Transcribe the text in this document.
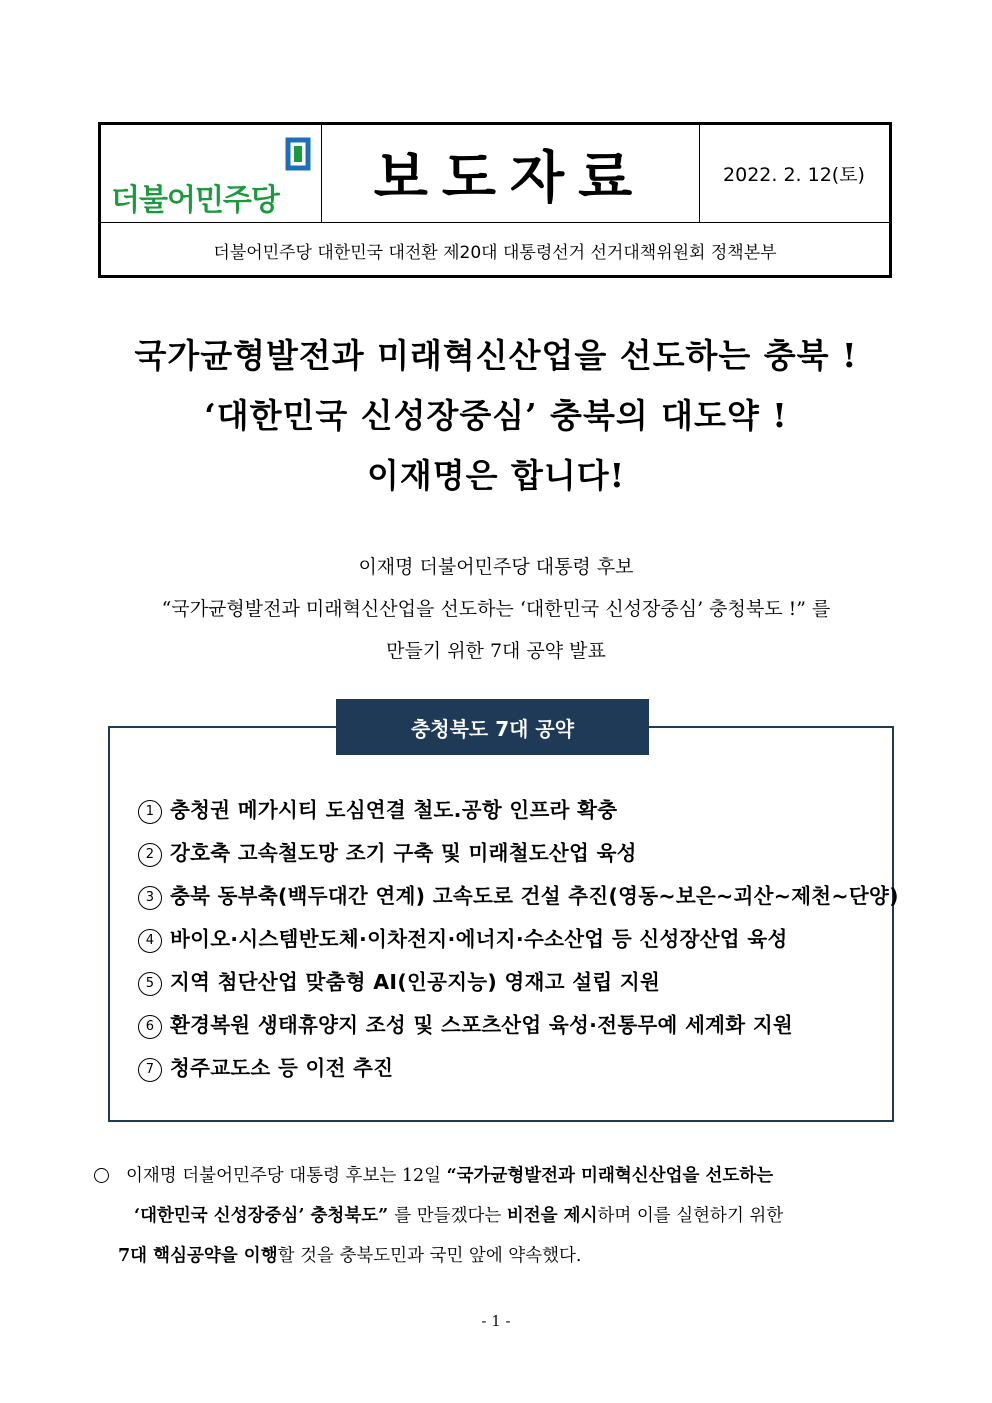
더불어민주당 보도자료	2022. 2. 12(토)
더불어민주당 대한민국 대전환 제20대 대통령선거 선거대책위원회 정책본부
국가균형발전과 미래혁신산업을 선도하는 충북 !
‘대한민국 신성장중심’ 충북의 대도약 !
이재명은 합니다!
이재명 더불어민주당 대통령 후보
“국가균형발전과 미래혁신산업을 선도하는 ‘대한민국 신성장중심’ 충청북도 !” 를
만들기 위한 7대 공약 발표
충청북도 7대 공약
1 충청권 메가시티 도심연결 철도.공항 인프라 확충
2 강호축 고속철도망 조기 구축 및 미래철도산업 육성
3 충북 동부축(백두대간 연계) 고속도로 건설 추진(영동~보은~괴산~제천~단양)
4 바이오·시스템반도체·이차전지·에너지·수소산업 등 신성장산업 육성
5 지역 첨단산업 맞춤형 AI(인공지능) 영재고 설립 지원
6 환경복원 생태휴양지 조성 및 스포츠산업 육성·전통무예 세계화 지원
7 청주교도소 등 이전 추진
이재명 더불어민주당 대통령 후보는 12일 “국가균형발전과 미래혁신산업을 선도하는
‘대한민국 신성장중심’ 충청북도” 를 만들겠다는 비전을 제시하며 이를 실현하기 위한
7대 핵심공약을 이행할 것을 충북도민과 국민 앞에 약속했다.
- 1 -
